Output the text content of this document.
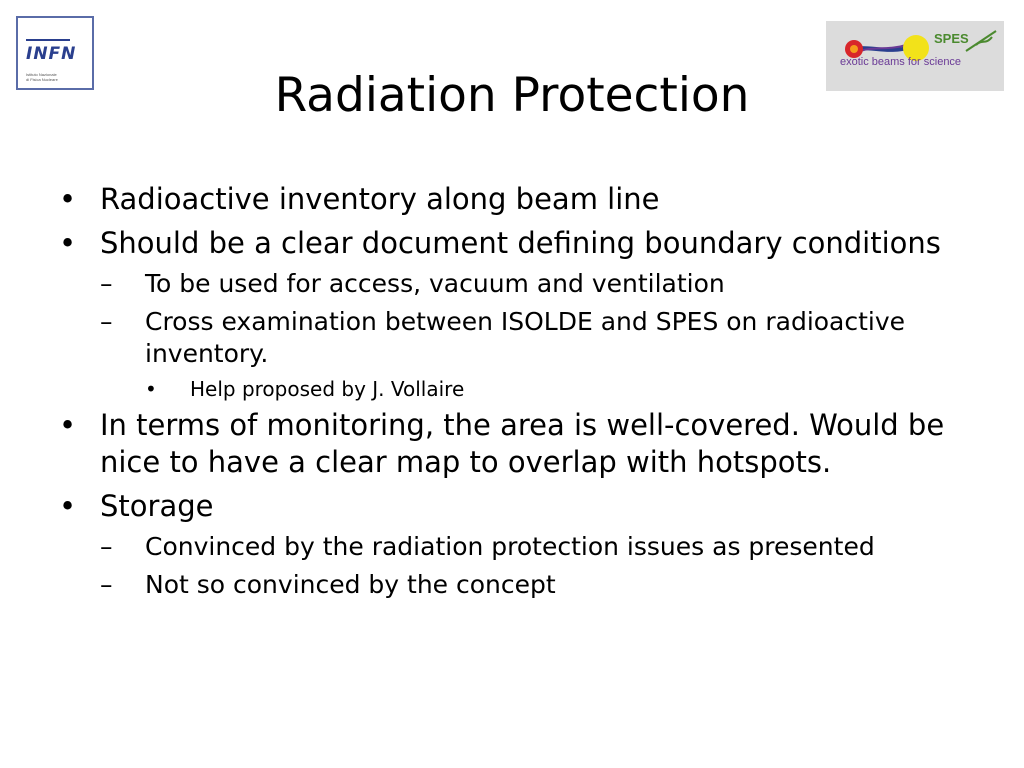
INFN
Istituto Nazionale
di Fisica Nucleare
SPES
exotic beams for science
Radiation Protection
• Radioactive inventory along beam line
• Should be a clear document defining boundary conditions
– To be used for access, vacuum and ventilation
– Cross examination between ISOLDE and SPES on radioactive inventory.
• Help proposed by J. Vollaire
• In terms of monitoring, the area is well-covered. Would be nice to have a clear map to overlap with hotspots.
• Storage
– Convinced by the radiation protection issues as presented
– Not so convinced by the concept
